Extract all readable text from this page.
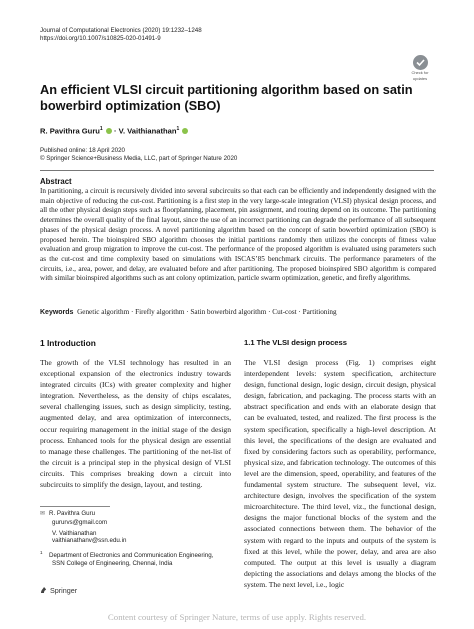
Journal of Computational Electronics (2020) 19:1232–1248
https://doi.org/10.1007/s10825-020-01491-9
Check for
updates
An efficient VLSI circuit partitioning algorithm based on satin bowerbird optimization (SBO)
R. Pavithra Guru$^1$  · V. Vaithianathan$^1$
Published online: 18 April 2020
© Springer Science+Business Media, LLC, part of Springer Nature 2020
Abstract
In partitioning, a circuit is recursively divided into several subcircuits so that each can be efficiently and independently designed with the main objective of reducing the cut-cost. Partitioning is a first step in the very large-scale integration (VLSI) physical design process, and all the other physical design steps such as floorplanning, placement, pin assignment, and routing depend on its outcome. The partitioning determines the overall quality of the final layout, since the use of an incorrect partitioning can degrade the performance of all subsequent phases of the physical design process. A novel partitioning algorithm based on the concept of satin bowerbird optimization (SBO) is proposed herein. The bioinspired SBO algorithm chooses the initial partitions randomly then utilizes the concepts of fitness value evaluation and group migration to improve the cut-cost. The performance of the proposed algorithm is evaluated using parameters such as the cut-cost and time complexity based on simulations with ISCAS’85 benchmark circuits. The performance parameters of the circuits, i.e., area, power, and delay, are evaluated before and after partitioning. The proposed bioinspired SBO algorithm is compared with similar bioinspired algorithms such as ant colony optimization, particle swarm optimization, genetic, and firefly algorithms.
Keywords Genetic algorithm · Firefly algorithm · Satin bowerbird algorithm · Cut-cost · Partitioning
1 Introduction	1.1 The VLSI design process
The growth of the VLSI technology has resulted in an exceptional expansion of the electronics industry towards integrated circuits (ICs) with greater complexity and higher integration. Nevertheless, as the density of chips escalates, several challenging issues, such as design simplicity, testing, augmented delay, and area optimization of interconnects, occur requiring management in the initial stage of the design process. Enhanced tools for the physical design are essential to manage these challenges. The partitioning of the net-list of the circuit is a principal step in the physical design of VLSI circuits. This comprises breaking down a circuit into subcircuits to simplify the design, layout, and testing.
The VLSI design process (Fig. 1) comprises eight interdependent levels: system specification, architecture design, functional design, logic design, circuit design, physical design, fabrication, and packaging. The process starts with an abstract specification and ends with an elaborate design that can be evaluated, tested, and realized. The first process is the system specification, specifically a high-level description. At this level, the specifications of the design are evaluated and fixed by considering factors such as operability, performance, physical size, and fabrication technology. The outcomes of this level are the dimension, speed, operability, and features of the fundamental system structure. The subsequent level, viz. architecture design, involves the specification of the system microarchitecture. The third level, viz., the functional design, designs the major functional blocks of the system and the associated connections between them. The behavior of the system with regard to the inputs and outputs of the system is fixed at this level, while the power, delay, and area are also computed. The output at this level is usually a diagram depicting the associations and delays among the blocks of the system. The next level, i.e., logic
✉ R. Pavithra Guru
gururvs@gmail.com
V. Vaithianathan
vaithianathanv@ssn.edu.in
$^1$ Department of Electronics and Communication Engineering,
SSN College of Engineering, Chennai, India
Springer
Content courtesy of Springer Nature, terms of use apply. Rights reserved.
